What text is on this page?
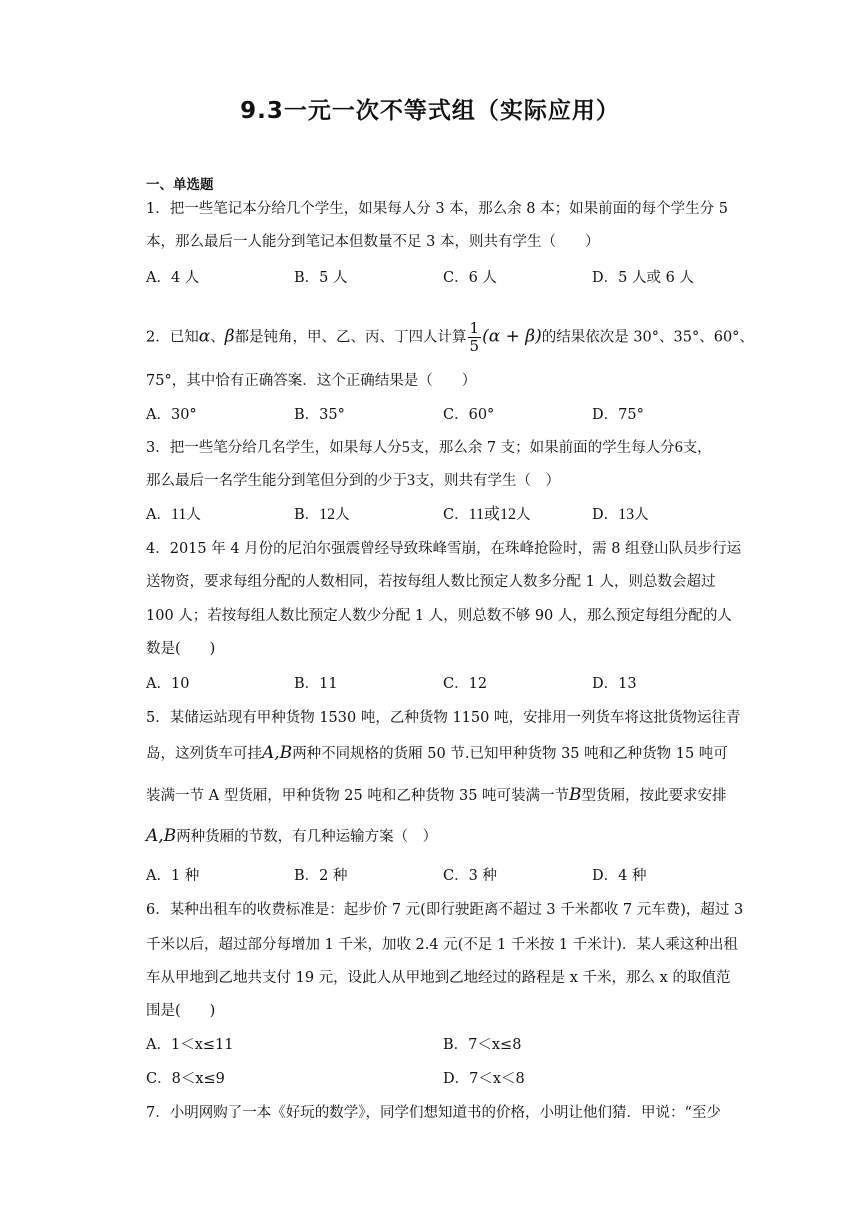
9.3一元一次不等式组（实际应用）
一、单选题
1．把一些笔记本分给几个学生，如果每人分 3 本，那么余 8 本；如果前面的每个学生分 5
本，那么最后一人能分到笔记本但数量不足 3 本，则共有学生（　　）
A．4 人	B．5 人	C．6 人	D．5 人或 6 人
2．已知α、β都是钝角，甲、乙、丙、丁四人计算 $\frac{1}{5} (\alpha + \beta)$的结果依次是 30°、35°、60°、
75°，其中恰有正确答案．这个正确结果是（　　）
A．30°	B．35°	C．60°	D．75°
3．把一些笔分给几名学生，如果每人分5支，那么余 7 支；如果前面的学生每人分6支，
那么最后一名学生能分到笔但分到的少于3支，则共有学生（　）
A．11人	B．12人	C．11或12人	D．13人
4．2015 年 4 月份的尼泊尔强震曾经导致珠峰雪崩，在珠峰抢险时，需 8 组登山队员步行运
送物资，要求每组分配的人数相同，若按每组人数比预定人数多分配 1 人，则总数会超过
100 人；若按每组人数比预定人数少分配 1 人，则总数不够 90 人，那么预定每组分配的人
数是(　　)
A．10	B．11	C．12	D．13
5．某储运站现有甲种货物 1530 吨，乙种货物 1150 吨，安排用一列货车将这批货物运往青
岛，这列货车可挂A,B两种不同规格的货厢 50 节.已知甲种货物 35 吨和乙种货物 15 吨可
装满一节 A 型货厢，甲种货物 25 吨和乙种货物 35 吨可装满一节B型货厢，按此要求安排
A,B两种货厢的节数，有几种运输方案（　）
A．1 种	B．2 种	C．3 种	D．4 种
6．某种出租车的收费标准是：起步价 7 元(即行驶距离不超过 3 千米都收 7 元车费)，超过 3
千米以后，超过部分每增加 1 千米，加收 2.4 元(不足 1 千米按 1 千米计)．某人乘这种出租
车从甲地到乙地共支付 19 元，设此人从甲地到乙地经过的路程是 x 千米，那么 x 的取值范
围是(　　)
A．1＜x≤11	B．7＜x≤8
C．8＜x≤9	D．7＜x＜8
7．小明网购了一本《好玩的数学》，同学们想知道书的价格，小明让他们猜．甲说：“至少
